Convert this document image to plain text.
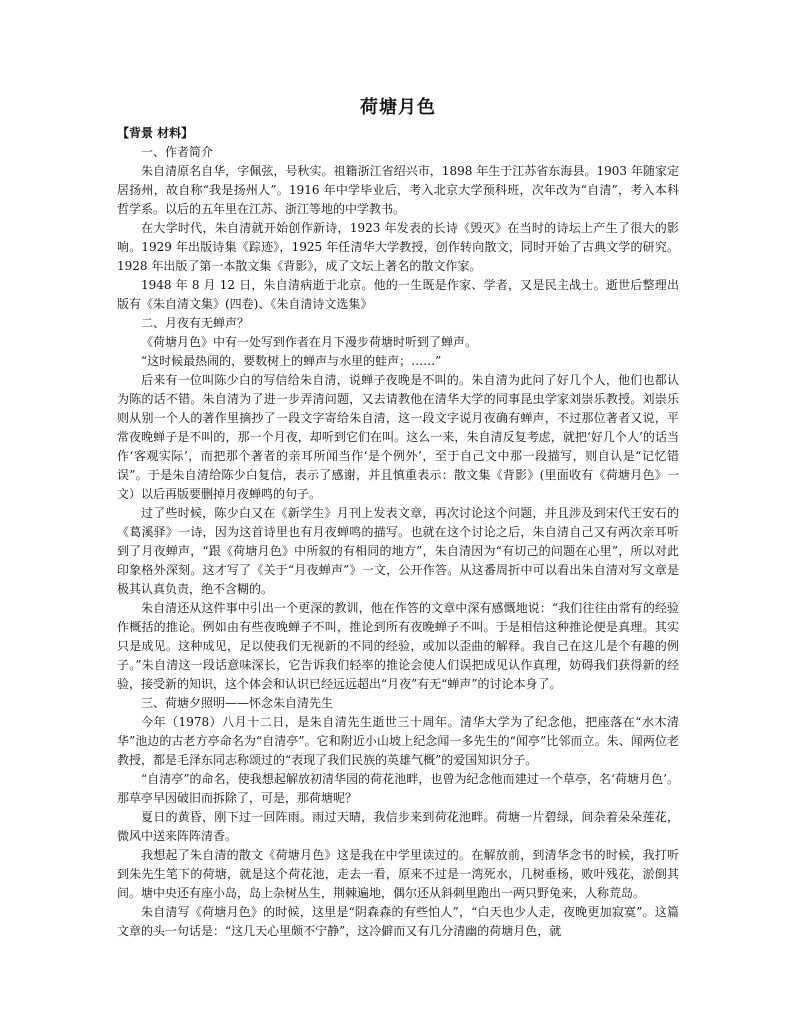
荷塘月色
【背景 材料】
一、作者简介

朱自清原名自华，字佩弦，号秋实。祖籍浙江省绍兴市，1898 年生于江苏省东海县。1903 年随家定居扬州，故自称“我是扬州人”。1916 年中学毕业后，考入北京大学预科班，次年改为“自清”，考入本科哲学系。以后的五年里在江苏、浙江等地的中学教书。

在大学时代，朱自清就开始创作新诗，1923 年发表的长诗《毁灭》在当时的诗坛上产生了很大的影响。1929 年出版诗集《踪迹》，1925 年任清华大学教授，创作转向散文，同时开始了古典文学的研究。1928 年出版了第一本散文集《背影》，成了文坛上著名的散文作家。

1948 年 8 月 12 日，朱自清病逝于北京。他的一生既是作家、学者，又是民主战士。逝世后整理出版有《朱自清文集》(四卷)、《朱自清诗文选集》

二、月夜有无蝉声？

《荷塘月色》中有一处写到作者在月下漫步荷塘时听到了蝉声。

“这时候最热闹的，要数树上的蝉声与水里的蛙声；……”

后来有一位叫陈少白的写信给朱自清，说蝉子夜晚是不叫的。朱自清为此问了好几个人，他们也都认为陈的话不错。朱自清为了进一步弄清问题，又去请教他在清华大学的同事昆虫学家刘崇乐教授。刘崇乐则从别一个人的著作里摘抄了一段文字寄给朱自清，这一段文字说月夜确有蝉声，不过那位著者又说，平常夜晚蝉子是不叫的，那一个月夜，却听到它们在叫。这么一来，朱自清反复考虑，就把‘好几个人’的话当作‘客观实际’，而把那个著者的亲耳所闻当作‘是个例外’，至于自己文中那一段描写，则自认是“记忆错误”。于是朱自清给陈少白复信，表示了感谢，并且慎重表示：散文集《背影》(里面收有《荷塘月色》一文）以后再版要删掉月夜蝉鸣的句子。

过了些时候，陈少白又在《新学生》月刊上发表文章，再次讨论这个问题，并且涉及到宋代王安石的《葛溪驿》一诗，因为这首诗里也有月夜蝉鸣的描写。也就在这个讨论之后，朱自清自己又有两次亲耳听到了月夜蝉声，“跟《荷塘月色》中所叙的有相同的地方”，朱自清因为“有切己的问题在心里”，所以对此印象格外深刻。这才写了《关于“月夜蝉声”》一文，公开作答。从这番周折中可以看出朱自清对写文章是极其认真负责，绝不含糊的。

朱自清还从这件事中引出一个更深的教训，他在作答的文章中深有感慨地说：“我们往往由常有的经验作概括的推论。例如由有些夜晚蝉子不叫，推论到所有夜晚蝉子不叫。于是相信这种推论便是真理。其实只是成见。这种成见，足以使我们无视新的不同的经验，或加以歪曲的解释。我自己在这儿是个有趣的例子。”朱自清这一段话意味深长，它告诉我们轻率的推论会使人们误把成见认作真理，妨碍我们获得新的经验，接受新的知识，这个体会和认识已经远远超出“月夜”有无“蝉声”的讨论本身了。

三、荷塘夕照明——怀念朱自清先生

今年（1978）八月十二日，是朱自清先生逝世三十周年。清华大学为了纪念他，把座落在“水木清华”池边的古老方亭命名为“自清亭”。它和附近小山坡上纪念闻一多先生的“闻亭”比邻而立。朱、闻两位老教授，都是毛泽东同志称颂过的“表现了我们民族的英雄气概”的爱国知识分子。

“自清亭”的命名，使我想起解放初清华园的荷花池畔，也曾为纪念他而建过一个草亭，名‘荷塘月色’。那草亭早因破旧而拆除了，可是，那荷塘呢？

夏日的黄昏，刚下过一回阵雨。雨过天晴，我信步来到荷花池畔。荷塘一片碧绿，间杂着朵朵莲花，微风中送来阵阵清香。

我想起了朱自清的散文《荷塘月色》这是我在中学里读过的。在解放前，到清华念书的时候，我打听到朱先生笔下的荷塘，就是这个荷花池，走去一看，原来不过是一湾死水，几树垂杨，败叶残花，淤倒其间。塘中央还有座小岛，岛上杂树丛生，荆棘遍地，偶尔还从斜刺里跑出一两只野兔来，人称荒岛。

朱自清写《荷塘月色》的时候，这里是“阴森森的有些怕人”，“白天也少人走，夜晚更加寂寞”。这篇文章的头一句话是：“这几天心里颇不宁静”，这冷僻而又有几分清幽的荷塘月色，就
